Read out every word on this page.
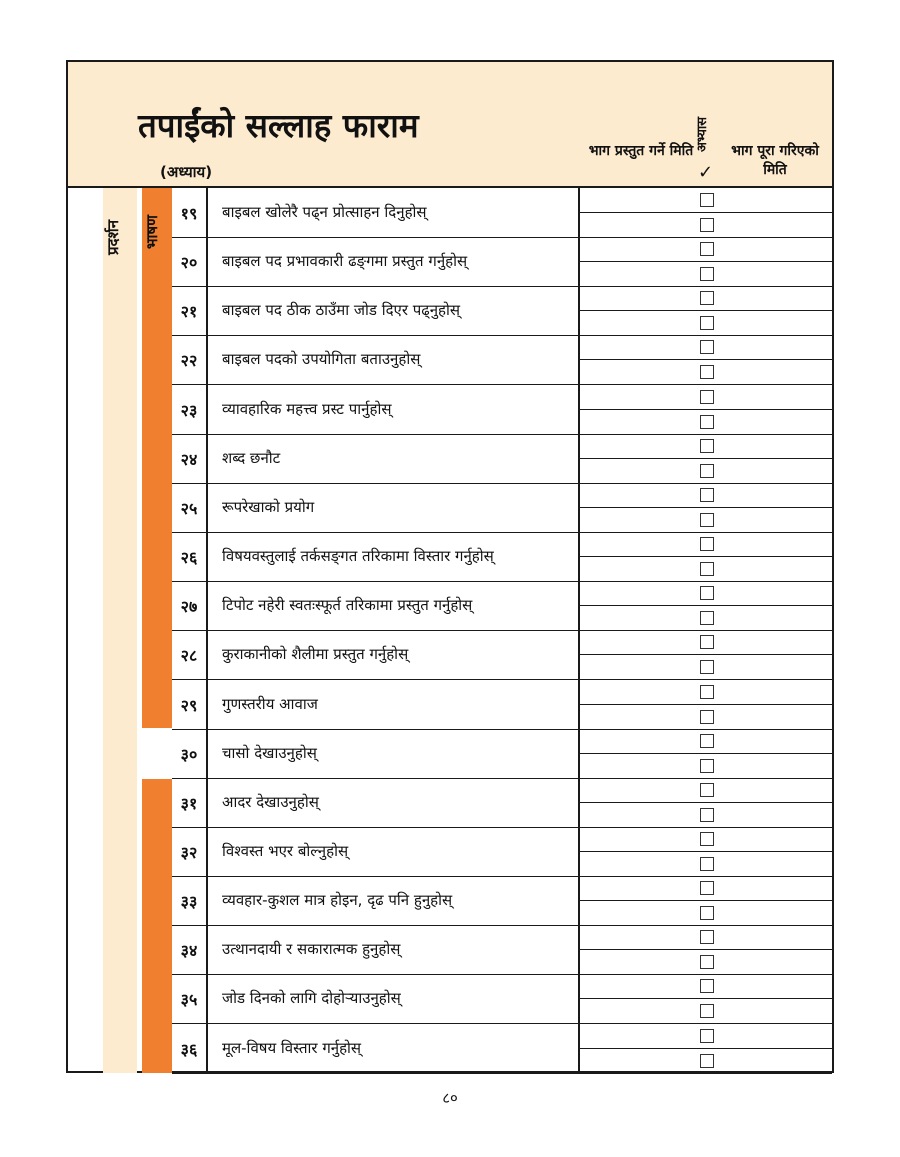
तपाईंको सल्लाह फाराम
(अध्याय)
भाग प्रस्तुत गर्ने मिति अभ्यास
✓
भाग पूरा गरिएको मिति
प्रदर्शन	भाषण
१९	बाइबल खोलेरै पढ्‌न प्रोत्साहन दिनुहोस्‌
२०	बाइबल पद प्रभावकारी ढङ्‌गमा प्रस्तुत गर्नुहोस्‌
२१	बाइबल पद ठीक ठाउँमा जोड दिएर पढ्‌नुहोस्‌
२२	बाइबल पदको उपयोगिता बताउनुहोस्‌
२३	व्यावहारिक महत्त्व प्रस्ट पार्नुहोस्‌
२४	शब्द छनौट
२५	रूपरेखाको प्रयोग
२६	विषयवस्तुलाई तर्कसङ्‌गत तरिकामा विस्तार गर्नुहोस्‌
२७	टिपोट नहेरी स्वतःस्फूर्त तरिकामा प्रस्तुत गर्नुहोस्‌
२८	कुराकानीको शैलीमा प्रस्तुत गर्नुहोस्‌
२९	गुणस्तरीय आवाज
३०	चासो देखाउनुहोस्‌
३१	आदर देखाउनुहोस्‌
३२	विश्‍वस्त भएर बोल्नुहोस्‌
३३	व्यवहार-कुशल मात्र होइन, दृढ पनि हुनुहोस्‌
३४	उत्थानदायी र सकारात्मक हुनुहोस्‌
३५	जोड दिनको लागि दोहोऱ्याउनुहोस्‌
३६	मूल-विषय विस्तार गर्नुहोस्‌
८०
